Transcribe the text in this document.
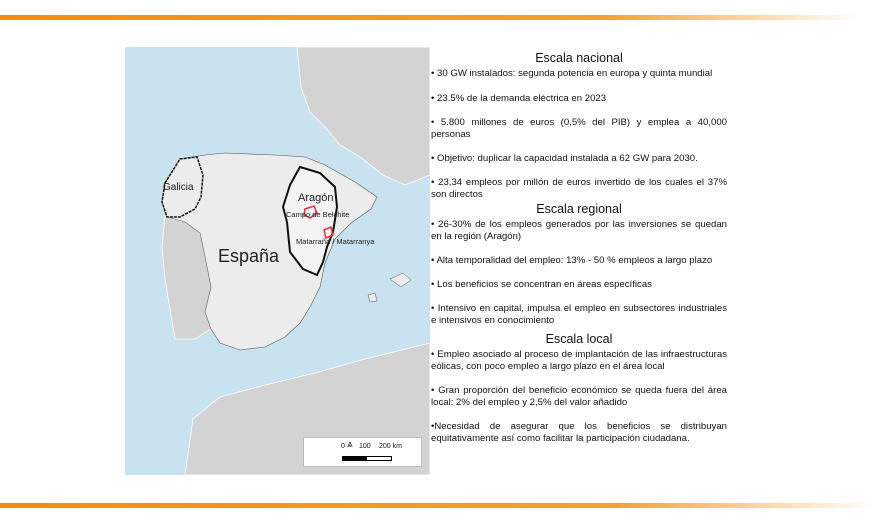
Galicia
Aragón
Campo de Belchite
Matarraña / Matarranya
España
0 ⩓ 100 200 km
Escala nacional

• 30 GW instalados: segunda potencia en europa y quinta mundial

• 23.5% de la demanda eléctrica en 2023

• 5.800 millones de euros (0,5% del PIB) y emplea a 40,000 personas

• Objetivo: duplicar la capacidad instalada a 62 GW para 2030.

• 23,34 empleos por millón de euros invertido de los cuales el 37% son directos

Escala regional

• 26-30% de los empleos generados por las inversiones se quedan en la región (Aragón)

• Alta temporalidad del empleo: 13% - 50 % empleos a largo plazo

• Los beneficios se concentran en áreas específicas

• Intensivo en capital, impulsa el empleo en subsectores industriales e intensivos en conocimiento

Escala local

• Empleo asociado al proceso de implantación de las infraestructuras eólicas, con poco empleo a largo plazo en el área local

• Gran proporción del beneficio económico se queda fuera del área local: 2% del empleo y 2,5% del valor añadido

•Necesidad de asegurar que los beneficios se distribuyan equitativamente así como facilitar la participación ciudadana.
